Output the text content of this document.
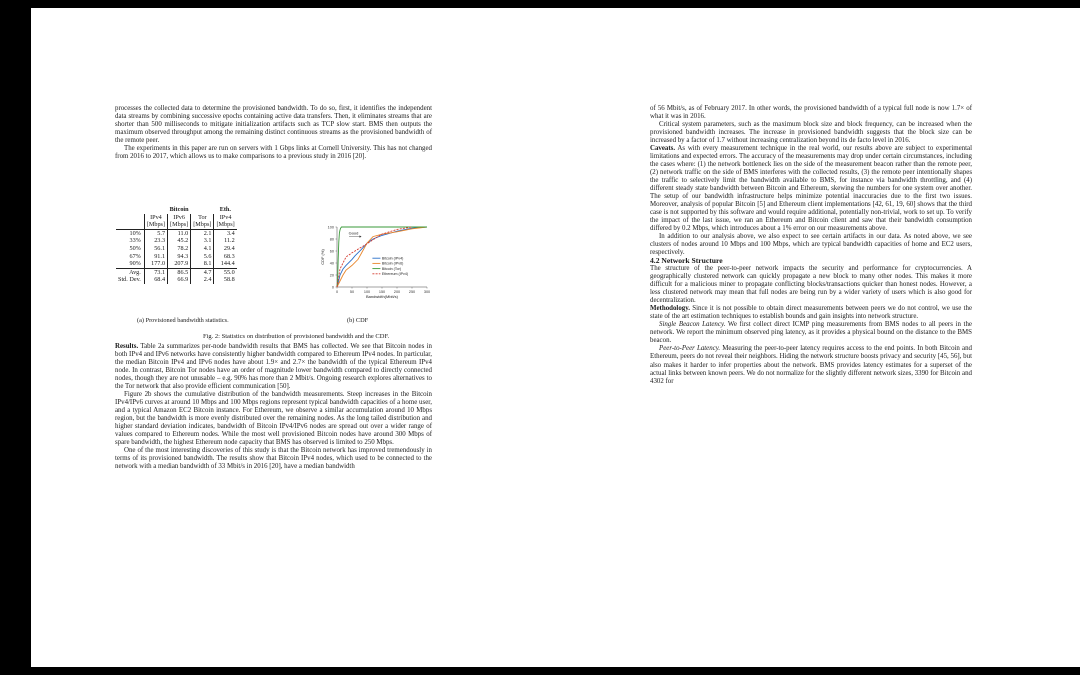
processes the collected data to determine the provisioned bandwidth. To do so, first, it identifies the independent data streams by combining successive epochs containing active data transfers. Then, it eliminates streams that are shorter than 500 milliseconds to mitigate initialization artifacts such as TCP slow start. BMS then outputs the maximum observed throughput among the remaining distinct continuous streams as the provisioned bandwidth of the remote peer.

The experiments in this paper are run on servers with 1 Gbps links at Cornell University. This has not changed from 2016 to 2017, which allows us to make comparisons to a previous study in 2016 [20].

	Bitcoin			Eth.
	IPv4	IPv6	Tor	IPv4
	[Mbps]	[Mbps]	[Mbps]	[Mbps]
10%	5.7	11.0	2.1	3.4
33%	23.3	45.2	3.1	11.2
50%	56.1	78.2	4.1	29.4
67%	91.1	94.3	5.6	68.3
90%	177.0	207.9	8.1	144.4
Avg.	73.1	86.5	4.7	55.0
Std. Dev.	68.4	66.9	2.4	58.8
0	50	100 150 200 250 300
0
20
40
60
80
100
Bandwidth(Mbit/s)
CDF (%)
Good
Bitcoin (IPv4)
Bitcoin (IPv6)
Bitcoin (Tor)
Ethereum (IPv4)
(a) Provisioned bandwidth statistics.	(b) CDF
Fig. 2: Statistics on distribution of provisioned bandwidth and the CDF.

Results. Table 2a summarizes per-node bandwidth results that BMS has collected. We see that Bitcoin nodes in both IPv4 and IPv6 networks have consistently higher bandwidth compared to Ethereum IPv4 nodes. In particular, the median Bitcoin IPv4 and IPv6 nodes have about 1.9× and 2.7× the bandwidth of the typical Ethereum IPv4 node. In contrast, Bitcoin Tor nodes have an order of magnitude lower bandwidth compared to directly connected nodes, though they are not unusable – e.g. 90% has more than 2 Mbit/s. Ongoing research explores alternatives to the Tor network that also provide efficient communication [50].

Figure 2b shows the cumulative distribution of the bandwidth measurements. Steep increases in the Bitcoin IPv4/IPv6 curves at around 10 Mbps and 100 Mbps regions represent typical bandwidth capacities of a home user, and a typical Amazon EC2 Bitcoin instance. For Ethereum, we observe a similar accumulation around 10 Mbps region, but the bandwidth is more evenly distributed over the remaining nodes. As the long tailed distribution and higher standard deviation indicates, bandwidth of Bitcoin IPv4/IPv6 nodes are spread out over a wider range of values compared to Ethereum nodes. While the most well provisioned Bitcoin nodes have around 300 Mbps of spare bandwidth, the highest Ethereum node capacity that BMS has observed is limited to 250 Mbps.

One of the most interesting discoveries of this study is that the Bitcoin network has improved tremendously in terms of its provisioned bandwidth. The results show that Bitcoin IPv4 nodes, which used to be connected to the network with a median bandwidth of 33 Mbit/s in 2016 [20], have a median bandwidth

of 56 Mbit/s, as of February 2017. In other words, the provisioned bandwidth of a typical full node is now 1.7× of what it was in 2016.

Critical system parameters, such as the maximum block size and block frequency, can be increased when the provisioned bandwidth increases. The increase in provisioned bandwidth suggests that the block size can be increased by a factor of 1.7 without increasing centralization beyond its de facto level in 2016.

Caveats. As with every measurement technique in the real world, our results above are subject to experimental limitations and expected errors. The accuracy of the measurements may drop under certain circumstances, including the cases where: (1) the network bottleneck lies on the side of the measurement beacon rather than the remote peer, (2) network traffic on the side of BMS interferes with the collected results, (3) the remote peer intentionally shapes the traffic to selectively limit the bandwidth available to BMS, for instance via bandwidth throttling, and (4) different steady state bandwidth between Bitcoin and Ethereum, skewing the numbers for one system over another. The setup of our bandwidth infrastructure helps minimize potential inaccuracies due to the first two issues. Moreover, analysis of popular Bitcoin [5] and Ethereum client implementations [42, 61, 19, 60] shows that the third case is not supported by this software and would require additional, potentially non-trivial, work to set up. To verify the impact of the last issue, we ran an Ethereum and Bitcoin client and saw that their bandwidth consumption differed by 0.2 Mbps, which introduces about a 1% error on our measurements above.

In addition to our analysis above, we also expect to see certain artifacts in our data. As noted above, we see clusters of nodes around 10 Mbps and 100 Mbps, which are typical bandwidth capacities of home and EC2 users, respectively.

4.2 Network Structure

The structure of the peer-to-peer network impacts the security and performance for cryptocurrencies. A geographically clustered network can quickly propagate a new block to many other nodes. This makes it more difficult for a malicious miner to propagate conflicting blocks/transactions quicker than honest nodes. However, a less clustered network may mean that full nodes are being run by a wider variety of users which is also good for decentralization.

Methodology. Since it is not possible to obtain direct measurements between peers we do not control, we use the state of the art estimation techniques to establish bounds and gain insights into network structure.

Single Beacon Latency. We first collect direct ICMP ping measurements from BMS nodes to all peers in the network. We report the minimum observed ping latency, as it provides a physical bound on the distance to the BMS beacon.

Peer-to-Peer Latency. Measuring the peer-to-peer latency requires access to the end points. In both Bitcoin and Ethereum, peers do not reveal their neighbors. Hiding the network structure boosts privacy and security [45, 56], but also makes it harder to infer properties about the network. BMS provides latency estimates for a superset of the actual links between known peers. We do not normalize for the slightly different network sizes, 3390 for Bitcoin and 4302 for
